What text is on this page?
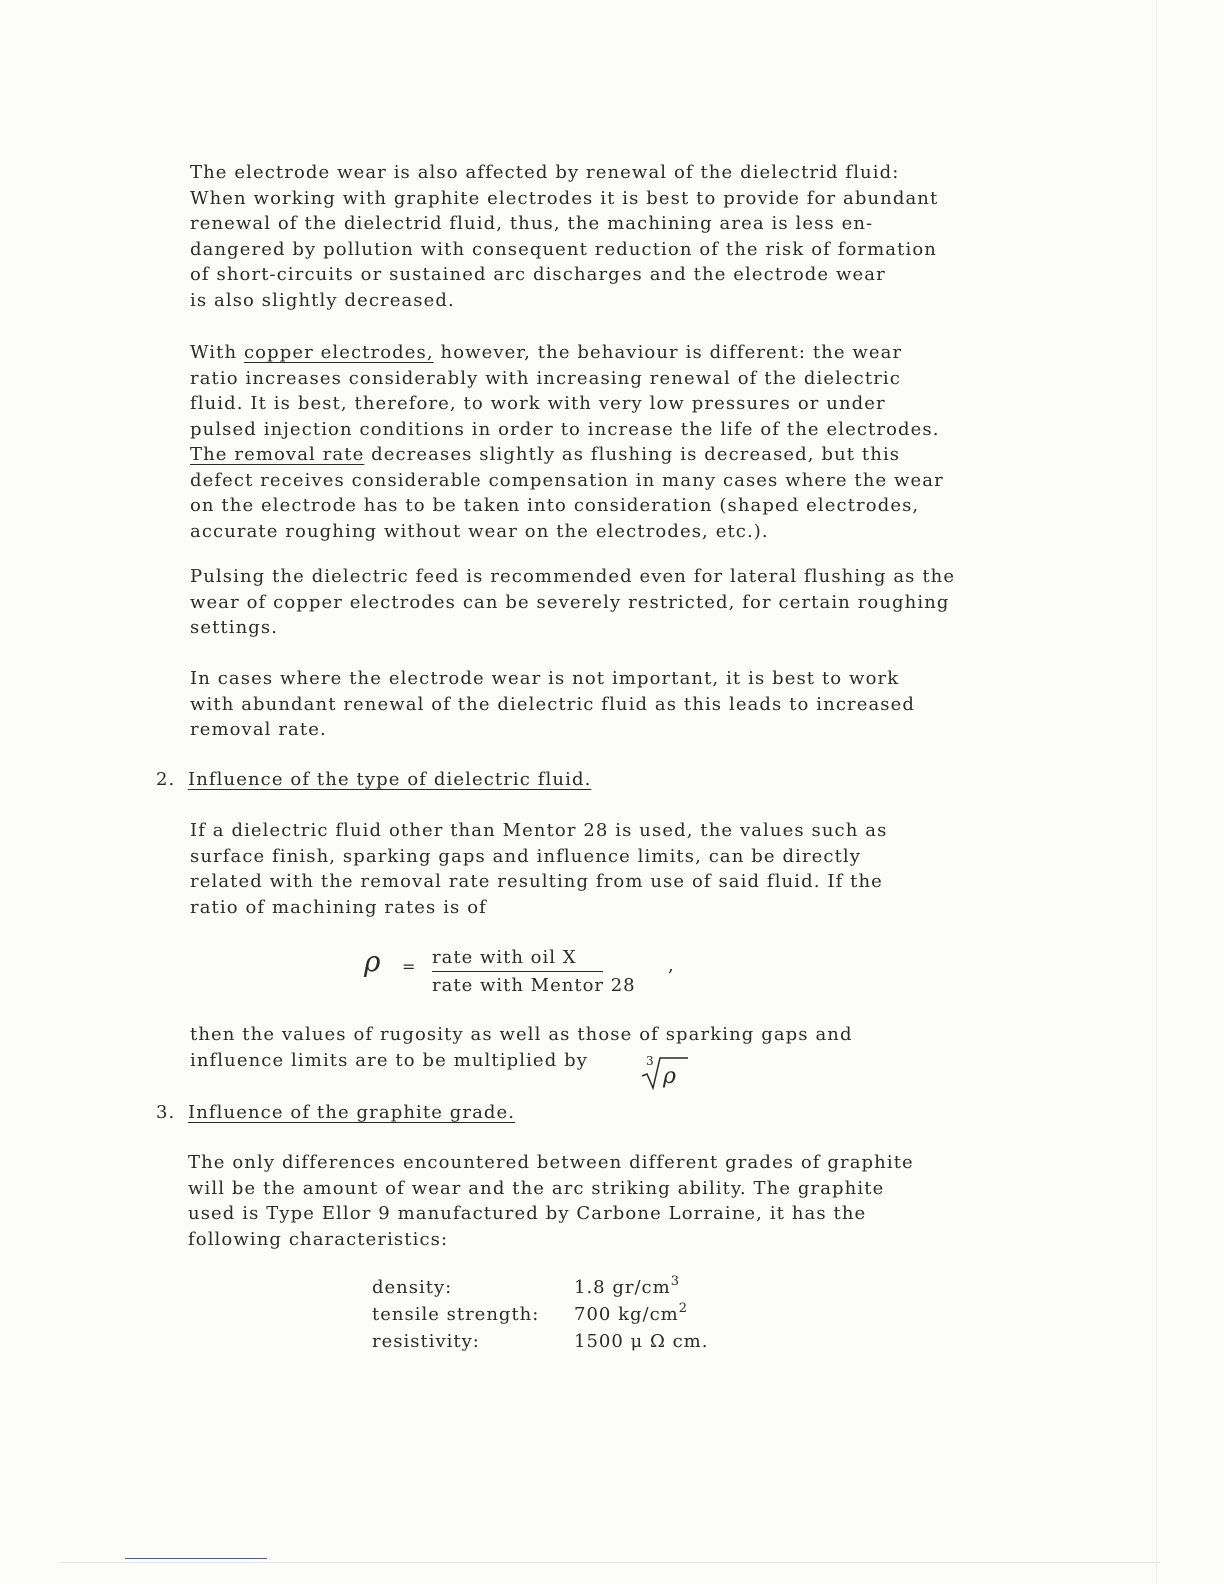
The electrode wear is also affected by renewal of the dielectrid fluid:
When working with graphite electrodes it is best to provide for abundant
renewal of the dielectrid fluid, thus, the machining area is less en-
dangered by pollution with consequent reduction of the risk of formation
of short-circuits or sustained arc discharges and the electrode wear
is also slightly decreased.
With copper electrodes, however, the behaviour is different: the wear
ratio increases considerably with increasing renewal of the dielectric
fluid. It is best, therefore, to work with very low pressures or under
pulsed injection conditions in order to increase the life of the electrodes.
The removal rate decreases slightly as flushing is decreased, but this
defect receives considerable compensation in many cases where the wear
on the electrode has to be taken into consideration (shaped electrodes,
accurate roughing without wear on the electrodes, etc.).
Pulsing the dielectric feed is recommended even for lateral flushing as the
wear of copper electrodes can be severely restricted, for certain roughing
settings.
In cases where the electrode wear is not important, it is best to work
with abundant renewal of the dielectric fluid as this leads to increased
removal rate.
2. Influence of the type of dielectric fluid.
If a dielectric fluid other than Mentor 28 is used, the values such as
surface finish, sparking gaps and influence limits, can be directly
related with the removal rate resulting from use of said fluid. If the
ratio of machining rates is of
ρ = rate with oil X
rate with Mentor 28
,
then the values of rugosity as well as those of sparking gaps and
influence limits are to be multiplied by	3
ρ
3. Influence of the graphite grade.
The only differences encountered between different grades of graphite
will be the amount of wear and the arc striking ability. The graphite
used is Type Ellor 9 manufactured by Carbone Lorraine, it has the
following characteristics:
density:	1.8 $gr/cm^3$
tensile strength:	700 $kg/cm^2$
resistivity:	1500 μ Ω cm.
